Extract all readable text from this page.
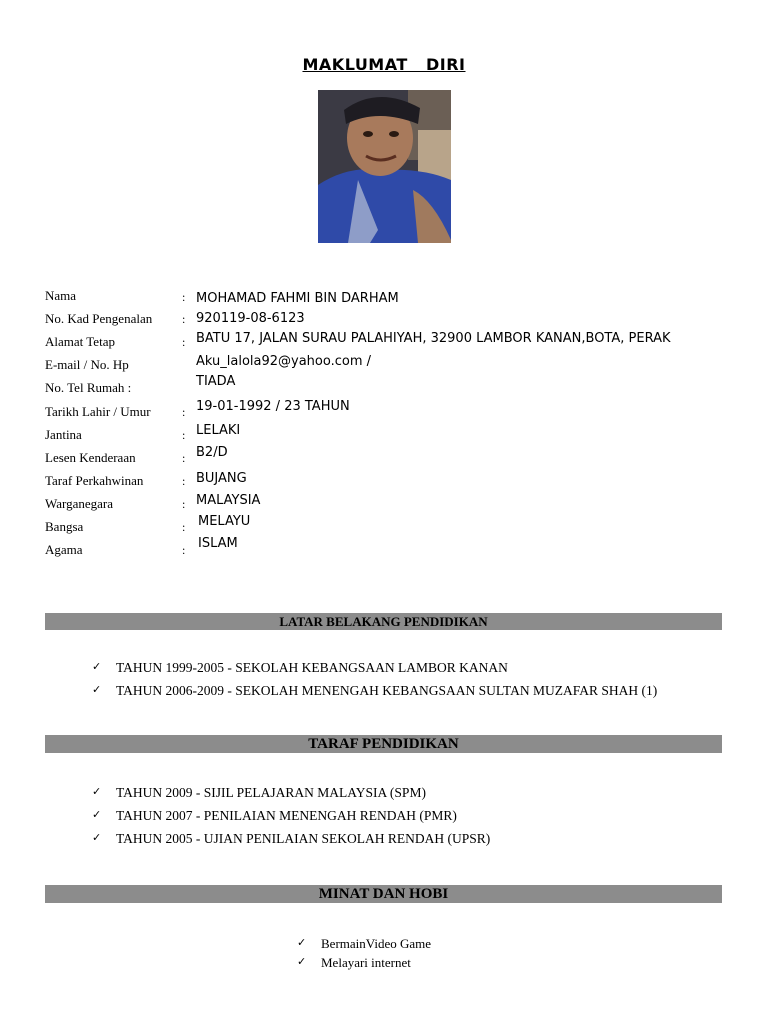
MAKLUMAT   DIRI
Nama	: MOHAMAD FAHMI BIN DARHAM
No. Kad Pengenalan : 920119-08-6123
Alamat Tetap	: BATU 17, JALAN SURAU PALAHIYAH, 32900 LAMBOR KANAN,BOTA, PERAK
E-mail / No. Hp	Aku_lalola92@yahoo.com /
No. Tel Rumah :	TIADA
Tarikh Lahir / Umur	: 19-01-1992 / 23 TAHUN
Jantina	: LELAKI
Lesen Kenderaan	: B2/D
Taraf Perkahwinan	: BUJANG
Warganegara	: MALAYSIA
Bangsa	: MELAYU
Agama	: ISLAM
LATAR BELAKANG PENDIDIKAN
✓ TAHUN 1999-2005 - SEKOLAH KEBANGSAAN LAMBOR KANAN
✓ TAHUN 2006-2009 - SEKOLAH MENENGAH KEBANGSAAN SULTAN MUZAFAR SHAH (1)
TARAF PENDIDIKAN
✓ TAHUN 2009 - SIJIL PELAJARAN MALAYSIA (SPM)
✓ TAHUN 2007 - PENILAIAN MENENGAH RENDAH (PMR)
✓ TAHUN 2005 - UJIAN PENILAIAN SEKOLAH RENDAH (UPSR)
MINAT DAN HOBI
✓ BermainVideo Game
✓ Melayari internet
